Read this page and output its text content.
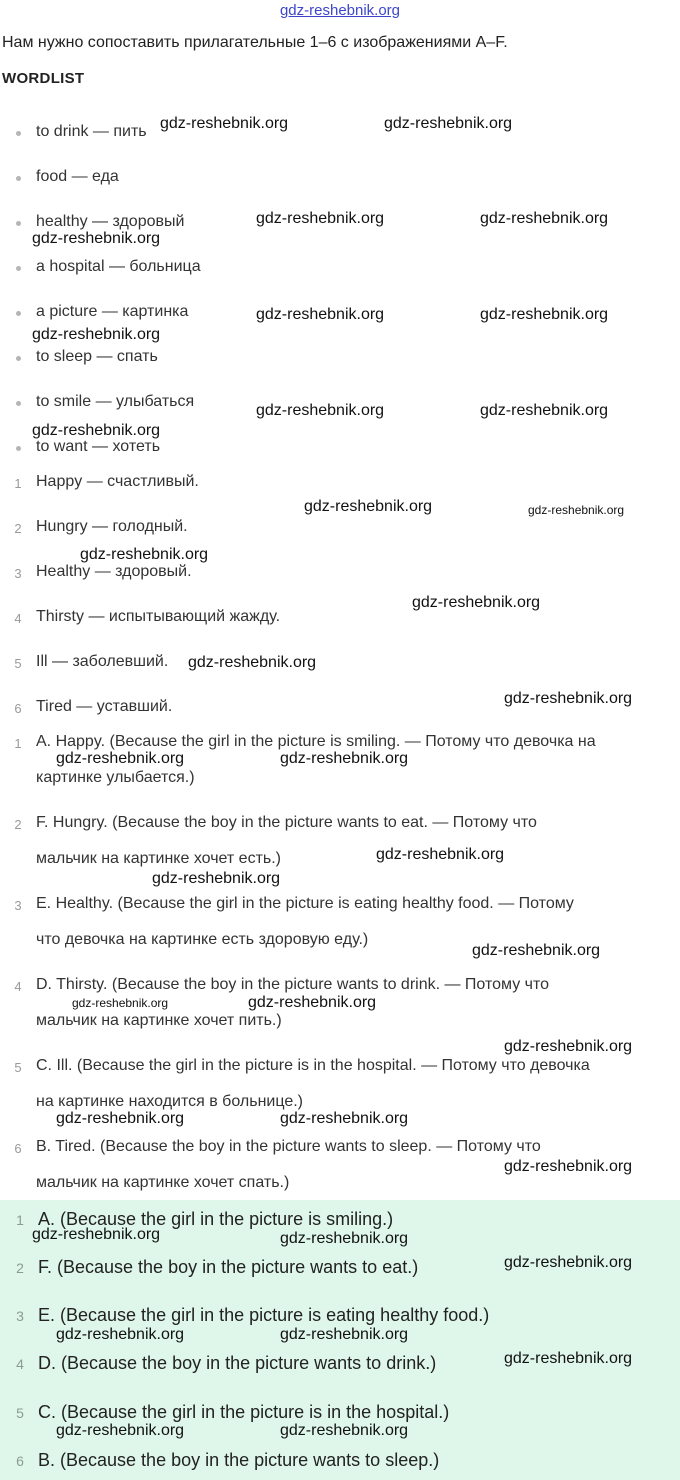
gdz-reshebnik.org
Нам нужно сопоставить прилагательные 1–6 с изображениями A–F.
WORDLIST
to drink — пить
food — еда
healthy — здоровый
a hospital — больница
a picture — картинка
to sleep — спать
to smile — улыбаться
to want — хотеть
1 Happy — счастливый.
2 Hungry — голодный.
3 Healthy — здоровый.
4 Thirsty — испытывающий жажду.
5 Ill — заболевший.
6 Tired — уставший.
1 A. Happy. (Because the girl in the picture is smiling. — Потому что девочка на
картинке улыбается.)
2 F. Hungry. (Because the boy in the picture wants to eat. — Потому что
мальчик на картинке хочет есть.)
3 E. Healthy. (Because the girl in the picture is eating healthy food. — Потому
что девочка на картинке есть здоровую еду.)
4 D. Thirsty. (Because the boy in the picture wants to drink. — Потому что
мальчик на картинке хочет пить.)
5 C. Ill. (Because the girl in the picture is in the hospital. — Потому что девочка
на картинке находится в больнице.)
6 B. Tired. (Because the boy in the picture wants to sleep. — Потому что
мальчик на картинке хочет спать.)
1 A. (Because the girl in the picture is smiling.)
2 F. (Because the boy in the picture wants to eat.)
3 E. (Because the girl in the picture is eating healthy food.)
4 D. (Because the boy in the picture wants to drink.)
5 C. (Because the girl in the picture is in the hospital.)
6 B. (Because the boy in the picture wants to sleep.)
gdz-reshebnik.org	gdz-reshebnik.org
gdz-reshebnik.org	gdz-reshebnik.org
gdz-reshebnik.org
gdz-reshebnik.org	gdz-reshebnik.org
gdz-reshebnik.org
gdz-reshebnik.org	gdz-reshebnik.org
gdz-reshebnik.org
gdz-reshebnik.org	gdz-reshebnik.org
gdz-reshebnik.org
gdz-reshebnik.org
gdz-reshebnik.org
gdz-reshebnik.org
gdz-reshebnik.org	gdz-reshebnik.org
gdz-reshebnik.org
gdz-reshebnik.org
gdz-reshebnik.org
gdz-reshebnik.org	gdz-reshebnik.org
gdz-reshebnik.org
gdz-reshebnik.org	gdz-reshebnik.org
gdz-reshebnik.org
gdz-reshebnik.org	gdz-reshebnik.org
gdz-reshebnik.org
gdz-reshebnik.org	gdz-reshebnik.org
gdz-reshebnik.org
gdz-reshebnik.org	gdz-reshebnik.org
